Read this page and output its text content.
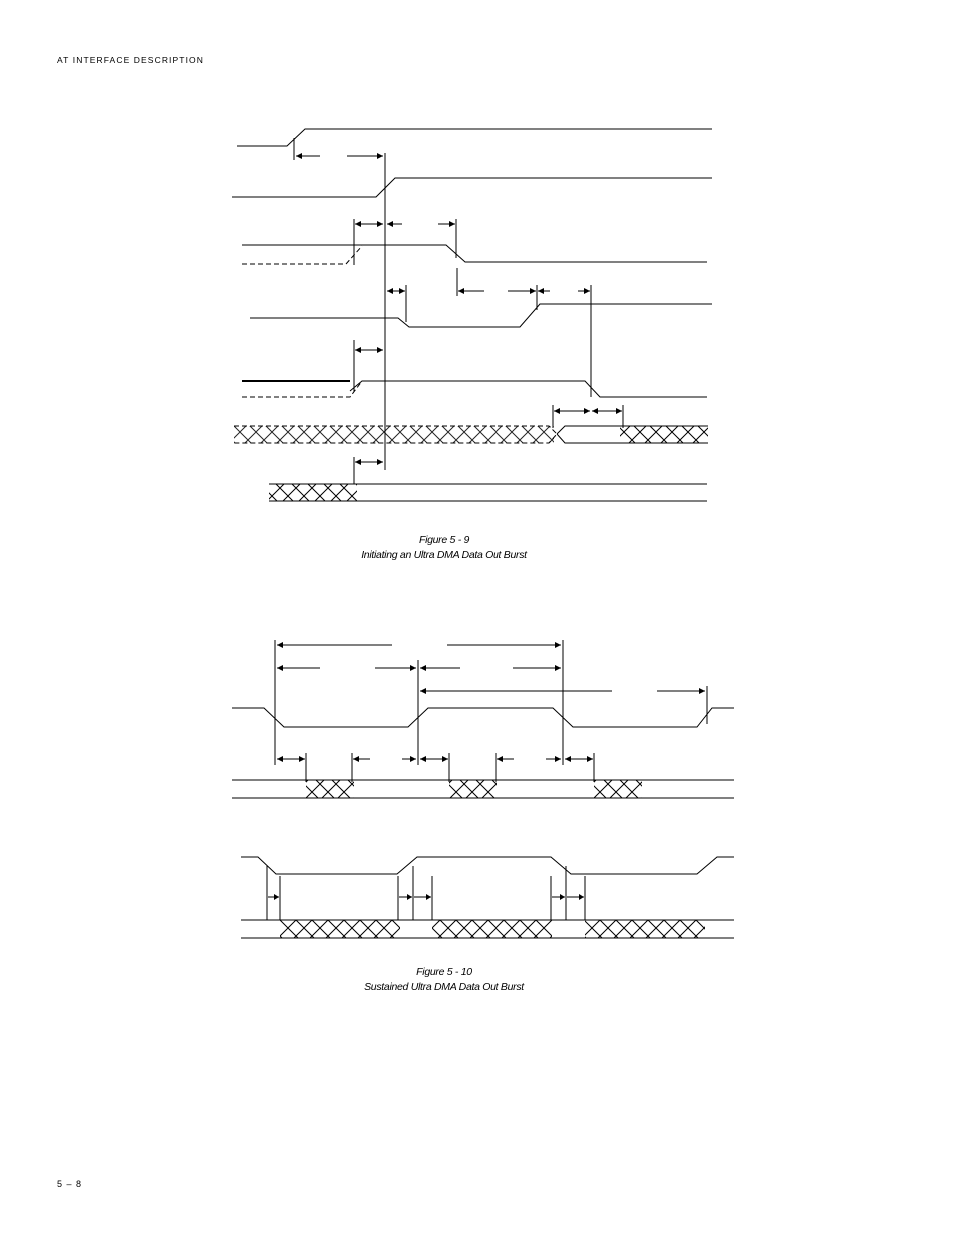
AT INTERFACE DESCRIPTION
Figure 5 - 9
Initiating an Ultra DMA Data Out Burst
Figure 5 - 10
Sustained Ultra DMA Data Out Burst
5 – 8
